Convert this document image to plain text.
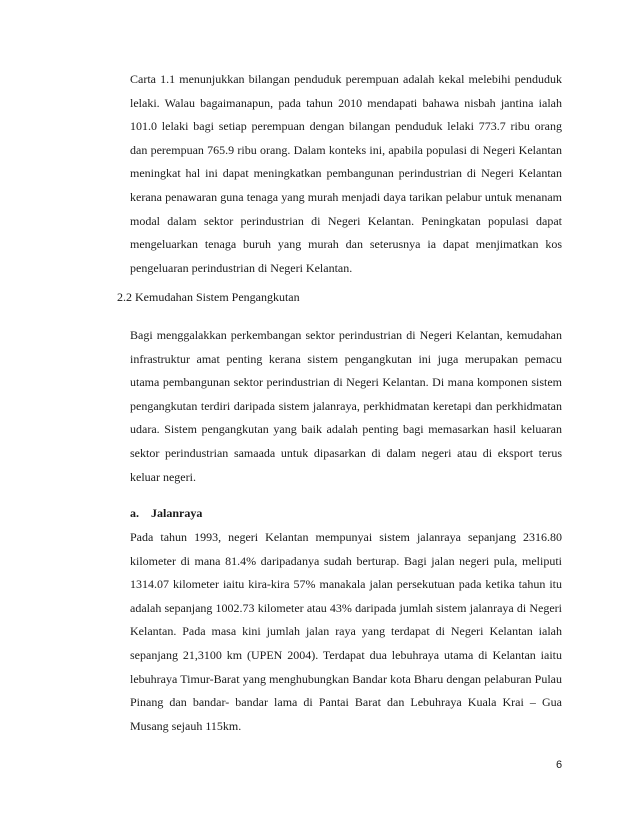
Carta 1.1 menunjukkan bilangan penduduk perempuan adalah kekal melebihi penduduk lelaki. Walau bagaimanapun, pada tahun 2010 mendapati bahawa nisbah jantina ialah 101.0 lelaki bagi setiap perempuan dengan bilangan penduduk lelaki 773.7 ribu orang dan perempuan 765.9 ribu orang. Dalam konteks ini, apabila populasi di Negeri Kelantan meningkat hal ini dapat meningkatkan pembangunan perindustrian di Negeri Kelantan kerana penawaran guna tenaga yang murah menjadi daya tarikan pelabur untuk menanam modal dalam sektor perindustrian di Negeri Kelantan. Peningkatan populasi dapat mengeluarkan tenaga buruh yang murah dan seterusnya ia dapat menjimatkan kos pengeluaran perindustrian di Negeri Kelantan.

2.2 Kemudahan Sistem Pengangkutan

Bagi menggalakkan perkembangan sektor perindustrian di Negeri Kelantan, kemudahan infrastruktur amat penting kerana sistem pengangkutan ini juga merupakan pemacu utama pembangunan sektor perindustrian di Negeri Kelantan. Di mana komponen sistem pengangkutan terdiri daripada sistem jalanraya, perkhidmatan keretapi dan perkhidmatan udara. Sistem pengangkutan yang baik adalah penting bagi memasarkan hasil keluaran sektor perindustrian samaada untuk dipasarkan di dalam negeri atau di eksport terus keluar negeri.

a. Jalanraya

Pada tahun 1993, negeri Kelantan mempunyai sistem jalanraya sepanjang 2316.80 kilometer di mana 81.4% daripadanya sudah berturap. Bagi jalan negeri pula, meliputi 1314.07 kilometer iaitu kira-kira 57% manakala jalan persekutuan pada ketika tahun itu adalah sepanjang 1002.73 kilometer atau 43% daripada jumlah sistem jalanraya di Negeri Kelantan. Pada masa kini jumlah jalan raya yang terdapat di Negeri Kelantan ialah sepanjang 21,3100 km (UPEN 2004). Terdapat dua lebuhraya utama di Kelantan iaitu lebuhraya Timur-Barat yang menghubungkan Bandar kota Bharu dengan pelaburan Pulau Pinang dan bandar- bandar lama di Pantai Barat dan Lebuhraya Kuala Krai – Gua Musang sejauh 115km.

6
